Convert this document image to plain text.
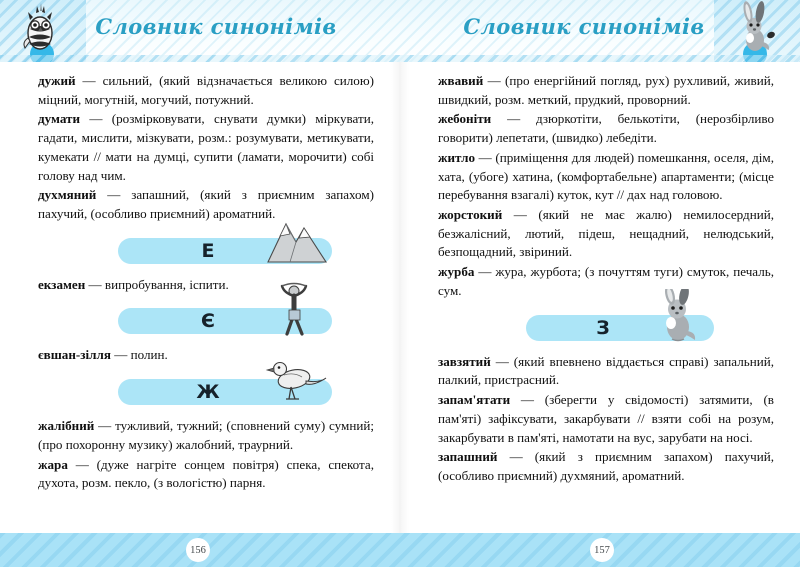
Словник синонімів	Словник синонімів

дужий — сильний, (який відзначається великою силою) міцний, могутній, могучий, потужний.

думати — (розмірковувати, снувати думки) міркувати, гадати, мислити, мізкувати, розм.: розумувати, метикувати, кумекати // мати на думці, супити (ламати, морочити) собі голову над чим.

духмяний — запашний, (який з приємним запахом) пахучий, (особливо приємний) ароматний.

Е

екзамен — випробування, іспити.

Є

євшан-зілля — полин.

Ж

жалібний — тужливий, тужний; (сповнений суму) сумний; (про похоронну музику) жалобний, траурний.

жара — (дуже нагріте сонцем повітря) спека, спекота, духота, розм. пекло, (з вологістю) парня.

жвавий — (про енергійний погляд, рух) рухливий, живий, швидкий, розм. меткий, прудкий, проворний.

жебоніти — дзюркотіти, белькотіти, (нерозбірливо говорити) лепетати, (швидко) лебедіти.

житло — (приміщення для людей) помешкання, оселя, дім, хата, (убоге) хатина, (комфортабельне) апартаменти; (місце перебування взагалі) куток, кут // дах над головою.

жорстокий — (який не має жалю) немилосердний, безжалісний, лютий, підеш, нещадний, нелюдський, безпощадний, звіриний.

журба — жура, журбота; (з почуттям туги) смуток, печаль, сум.

З

завзятий — (який впевнено віддається справі) запальний, палкий, пристрасний.

запам'ятати — (зберегти у свідомості) затямити, (в пам'яті) зафіксувати, закарбувати // взяти собі на розум, закарбувати в пам'яті, намотати на вус, зарубати на носі.

запашний — (який з приємним запахом) пахучий, (особливо приємний) духмяний, ароматний.

156	157
